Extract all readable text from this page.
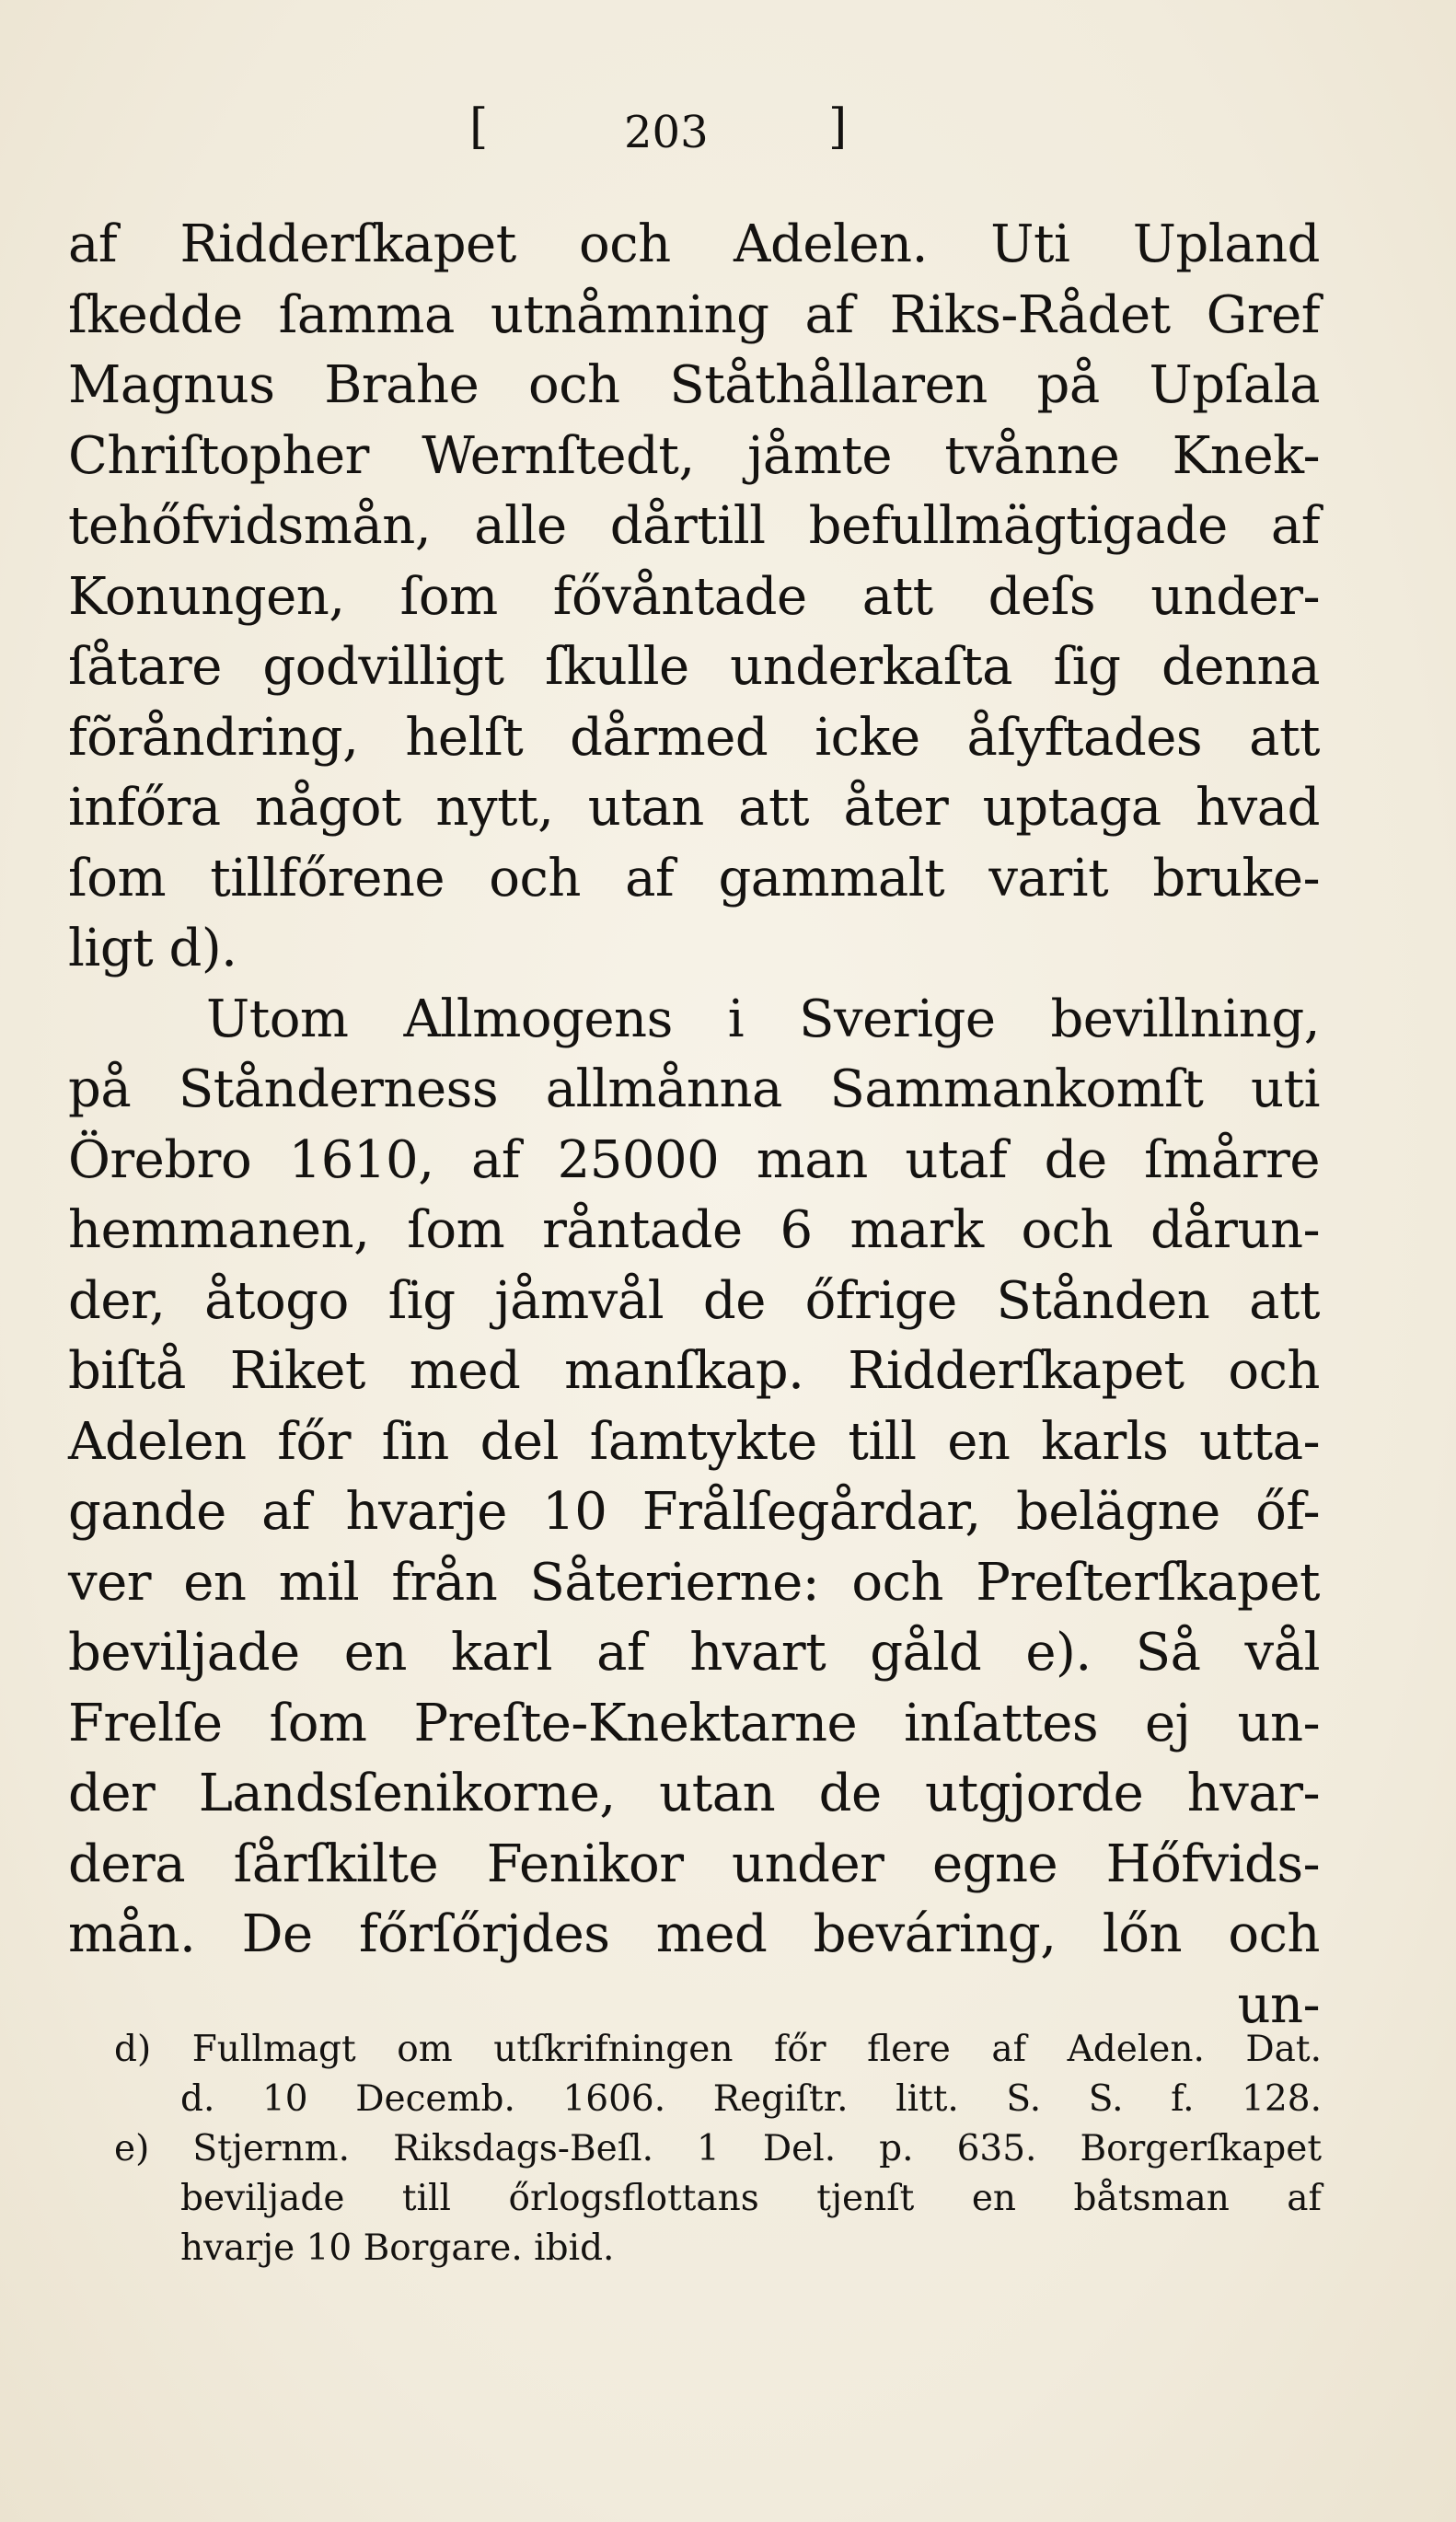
[	203	]
af Ridderſkapet och Adelen. Uti Upland
ſkedde ſamma utnåmning af Riks-Rådet Gref
Magnus Brahe och Ståthållaren på Upſala
Chriſtopher Wernſtedt, jåmte tvånne Knek-
tehőfvidsmån, alle dårtill befullmägtigade af
Konungen, ſom fővåntade att deſs under-
ſåtare godvilligt ſkulle underkaſta ſig denna
fõråndring, helſt dårmed icke åſyftades att
infőra något nytt, utan att åter uptaga hvad
ſom tillfőrene och af gammalt varit bruke-
ligt d).
Utom Allmogens i Sverige bevillning,
på Stånderness allmånna Sammankomſt uti
Örebro 1610, af 25000 man utaf de ſmårre
hemmanen, ſom råntade 6 mark och dårun-
der, åtogo ſig jåmvål de őfrige Stånden att
biſtå Riket med manſkap. Ridderſkapet och
Adelen főr ſin del ſamtykte till en karls utta-
gande af hvarje 10 Frålſegårdar, belägne őf-
ver en mil från Såterierne: och Preſterſkapet
beviljade en karl af hvart gåld e). Så vål
Frelſe ſom Preſte-Knektarne inſattes ej un-
der Landsſenikorne, utan de utgjorde hvar-
dera ſårſkilte Fenikor under egne Hőfvids-
mån. De főrſőrjdes med beváring, lőn och
un-
d) Fullmagt om utſkrifningen főr flere af Adelen. Dat.
d. 10 Decemb. 1606. Regiſtr. litt. S. S. f. 128.
e) Stjernm. Riksdags-Beſl. 1 Del. p. 635. Borgerſkapet
beviljade till őrlogsflottans tjenſt en båtsman af
hvarje 10 Borgare. ibid.
